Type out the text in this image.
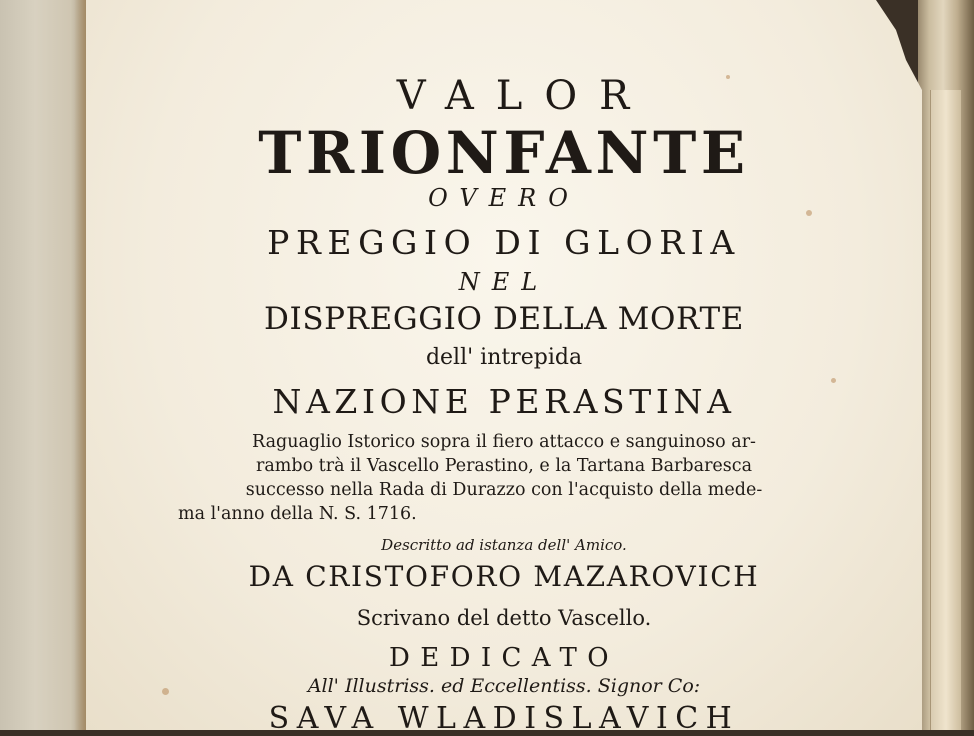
VALOR
TRIONFANTE
OVERO
PREGGIO DI GLORIA
NEL
DISPREGGIO DELLA MORTE
dell' intrepida
NAZIONE PERASTINA
Raguaglio Istorico sopra il fiero attacco e sanguinoso ar-
rambo trà il Vascello Perastino, e la Tartana Barbaresca
successo nella Rada di Durazzo con l'acquisto della mede-
ma l'anno della N. S. 1716.
Descritto ad istanza dell' Amico.
DA CRISTOFORO MAZAROVICH
Scrivano del detto Vascello.
DEDICATO
All' Illustriss. ed Eccellentiss. Signor Co:
SAVA WLADISLAVICH
